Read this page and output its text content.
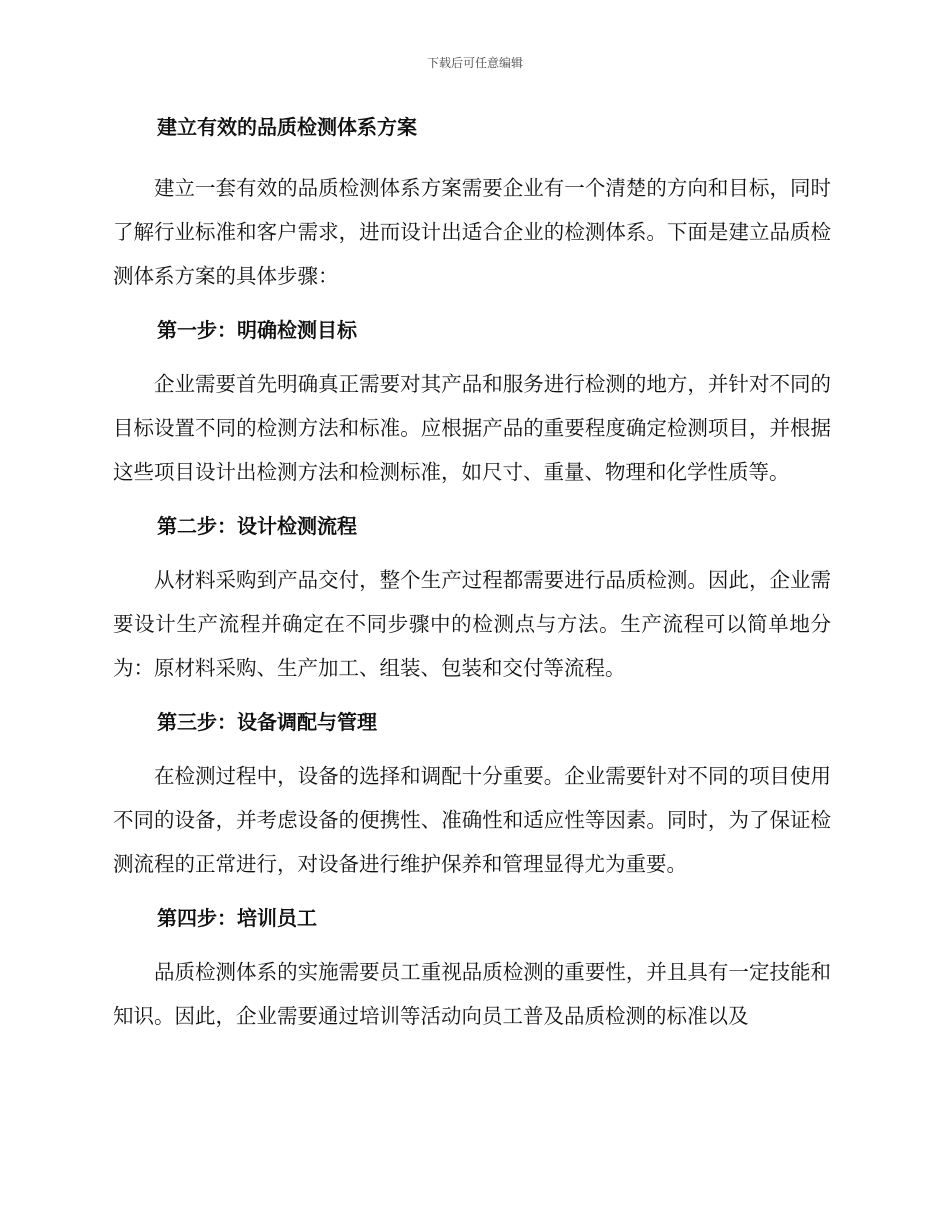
下载后可任意编辑
建立有效的品质检测体系方案

建立一套有效的品质检测体系方案需要企业有一个清楚的方向和目标，同时了解行业标准和客户需求，进而设计出适合企业的检测体系。下面是建立品质检测体系方案的具体步骤：

第一步：明确检测目标

企业需要首先明确真正需要对其产品和服务进行检测的地方，并针对不同的目标设置不同的检测方法和标准。应根据产品的重要程度确定检测项目，并根据这些项目设计出检测方法和检测标准，如尺寸、重量、物理和化学性质等。

第二步：设计检测流程

从材料采购到产品交付，整个生产过程都需要进行品质检测。因此，企业需要设计生产流程并确定在不同步骤中的检测点与方法。生产流程可以简单地分为：原材料采购、生产加工、组装、包装和交付等流程。

第三步：设备调配与管理

在检测过程中，设备的选择和调配十分重要。企业需要针对不同的项目使用不同的设备，并考虑设备的便携性、准确性和适应性等因素。同时，为了保证检测流程的正常进行，对设备进行维护保养和管理显得尤为重要。

第四步：培训员工

品质检测体系的实施需要员工重视品质检测的重要性，并且具有一定技能和知识。因此，企业需要通过培训等活动向员工普及品质检测的标准以及
